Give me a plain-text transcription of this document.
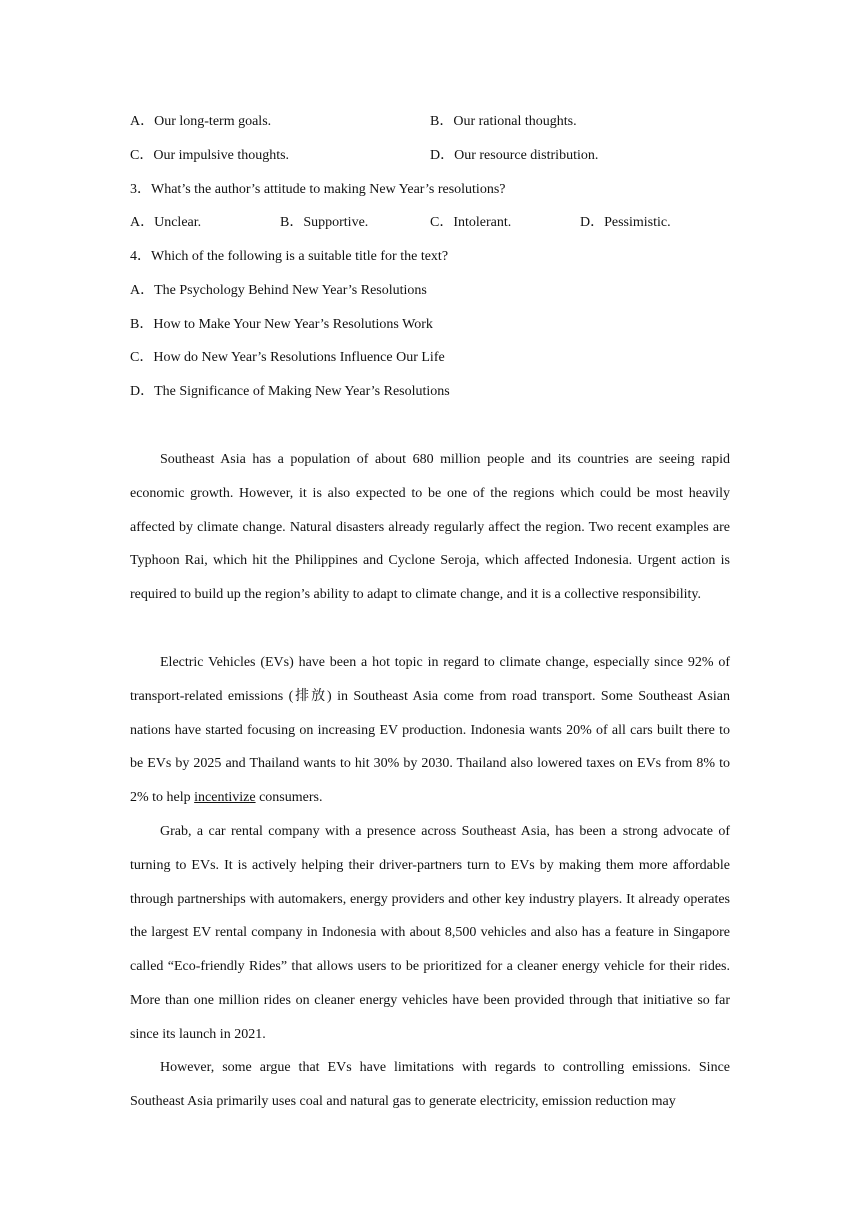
A．Our long-term goals.	B．Our rational thoughts.
C．Our impulsive thoughts.	D．Our resource distribution.
3．What’s the author’s attitude to making New Year’s resolutions?
A．Unclear.	B．Supportive.	C．Intolerant.	D．Pessimistic.
4．Which of the following is a suitable title for the text?
A．The Psychology Behind New Year’s Resolutions
B．How to Make Your New Year’s Resolutions Work
C．How do New Year’s Resolutions Influence Our Life
D．The Significance of Making New Year’s Resolutions
Southeast Asia has a population of about 680 million people and its countries are seeing rapid economic growth. However, it is also expected to be one of the regions which could be most heavily affected by climate change. Natural disasters already regularly affect the region. Two recent examples are Typhoon Rai, which hit the Philippines and Cyclone Seroja, which affected Indonesia. Urgent action is required to build up the region’s ability to adapt to climate change, and it is a collective responsibility.
Electric Vehicles (EVs) have been a hot topic in regard to climate change, especially since 92% of transport-related emissions (排放) in Southeast Asia come from road transport. Some Southeast Asian nations have started focusing on increasing EV production. Indonesia wants 20% of all cars built there to be EVs by 2025 and Thailand wants to hit 30% by 2030. Thailand also lowered taxes on EVs from 8% to 2% to help incentivize consumers.
Grab, a car rental company with a presence across Southeast Asia, has been a strong advocate of turning to EVs. It is actively helping their driver-partners turn to EVs by making them more affordable through partnerships with automakers, energy providers and other key industry players. It already operates the largest EV rental company in Indonesia with about 8,500 vehicles and also has a feature in Singapore called “Eco-friendly Rides” that allows users to be prioritized for a cleaner energy vehicle for their rides. More than one million rides on cleaner energy vehicles have been provided through that initiative so far since its launch in 2021.
However, some argue that EVs have limitations with regards to controlling emissions. Since Southeast Asia primarily uses coal and natural gas to generate electricity, emission reduction may
